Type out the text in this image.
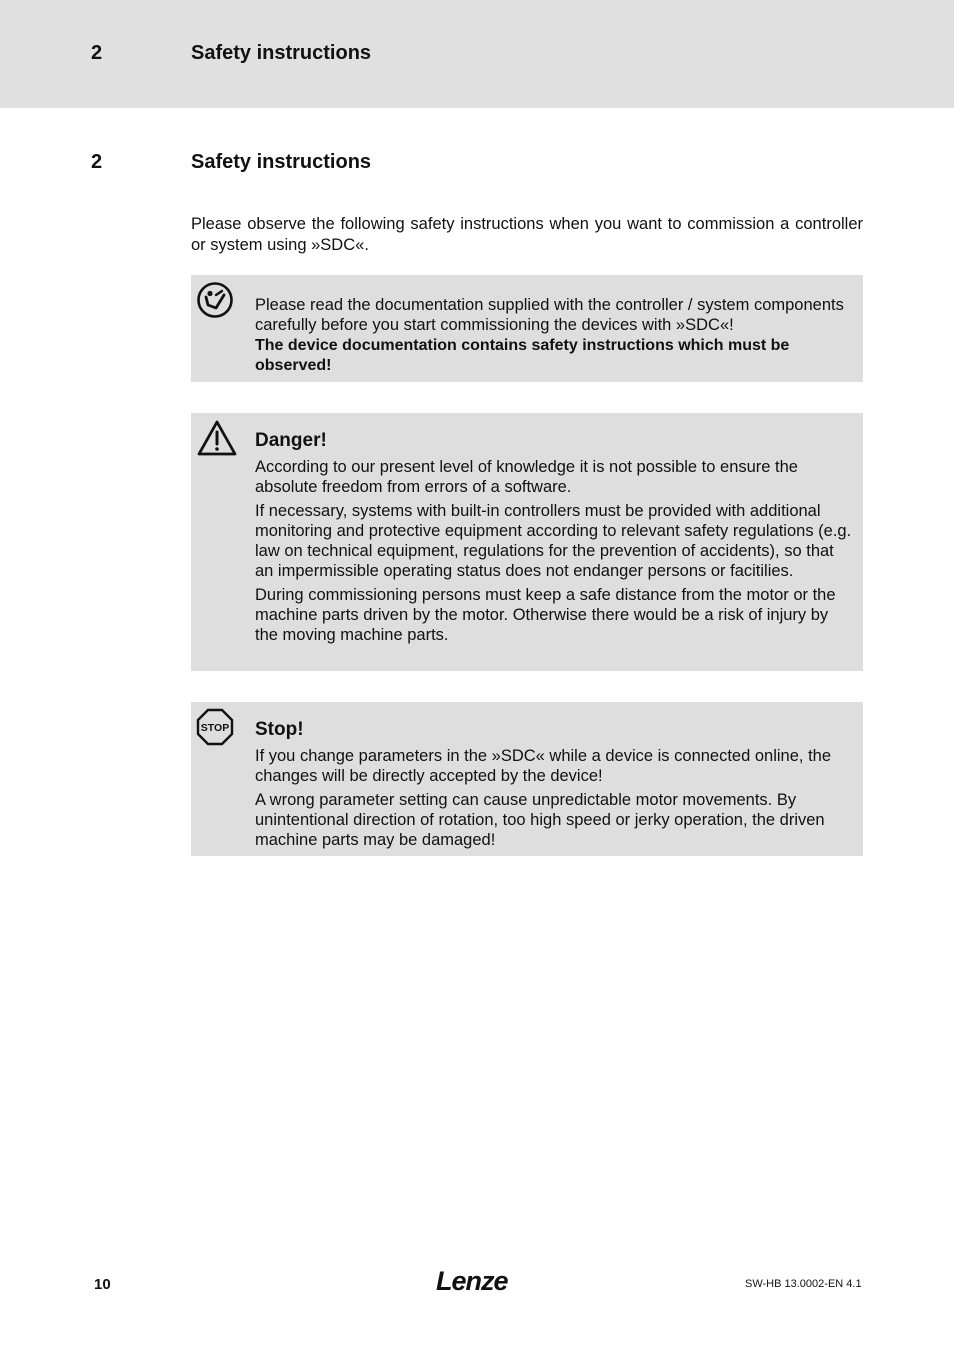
2	Safety instructions
2	Safety instructions

Please observe the following safety instructions when you want to commission a controller or system using »SDC«.

Please read the documentation supplied with the controller / system components carefully before you start commissioning the devices with »SDC«!

The device documentation contains safety instructions which must be observed!

Danger!

According to our present level of knowledge it is not possible to ensure the absolute freedom from errors of a software.

If necessary, systems with built-in controllers must be provided with additional monitoring and protective equipment according to relevant safety regulations (e.g. law on technical equipment, regulations for the prevention of accidents), so that an impermissible operating status does not endanger persons or facitilies.

During commissioning persons must keep a safe distance from the motor or the machine parts driven by the motor. Otherwise there would be a risk of injury by the moving machine parts.

STOP Stop!

If you change parameters in the »SDC« while a device is connected online, the changes will be directly accepted by the device!

A wrong parameter setting can cause unpredictable motor movements. By unintentional direction of rotation, too high speed or jerky operation, the driven machine parts may be damaged!

10	Lenze	SW-HB 13.0002-EN 4.1
